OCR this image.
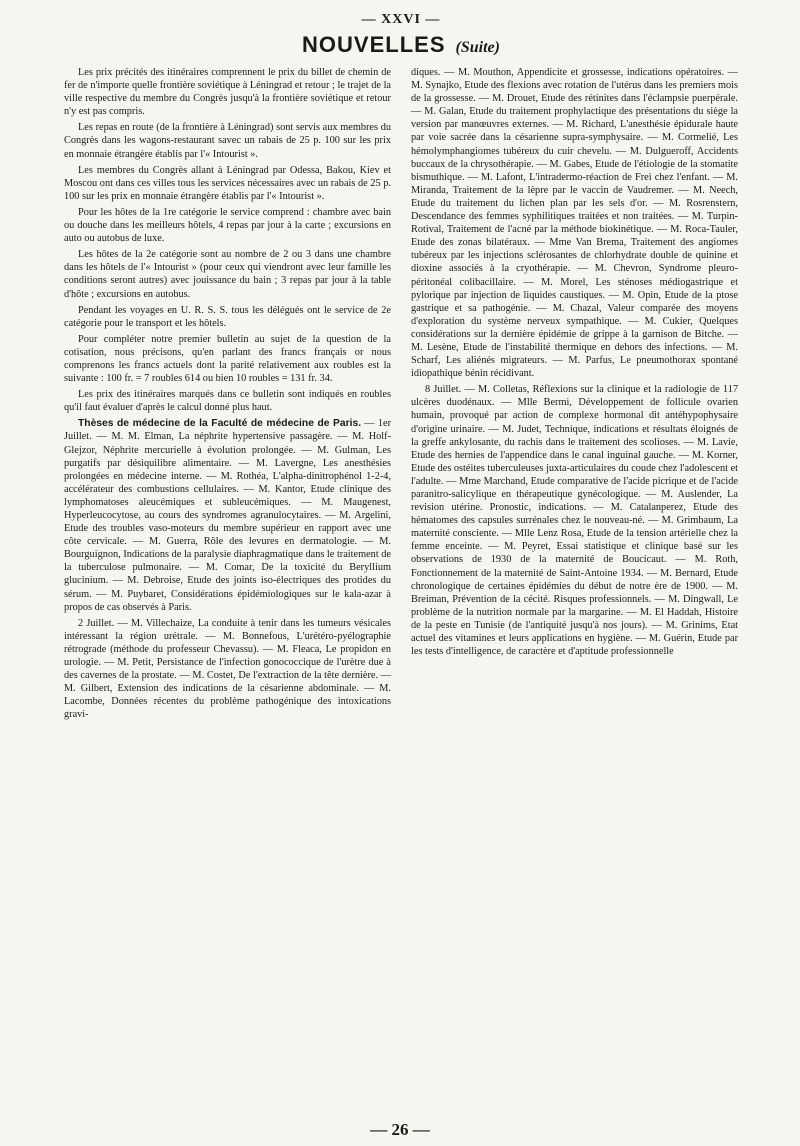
— XXVI —
NOUVELLES (Suite)

Les prix précités des itinéraires comprennent le prix du billet de chemin de fer de n'importe quelle frontière soviétique à Léningrad et retour ; le trajet de la ville respective du membre du Congrès jusqu'à la frontière soviétique et retour n'y est pas compris.

Les repas en route (de la frontière à Léningrad) sont servis aux membres du Congrès dans les wagons-restaurant savec un rabais de 25 p. 100 sur les prix en monnaie étrangère établis par l'« Intourist ».

Les membres du Congrès allant à Léningrad par Odessa, Bakou, Kiev et Moscou ont dans ces villes tous les services nécessaires avec un rabais de 25 p. 100 sur les prix en monnaie étrangère établis par l'« Intourist ».

Pour les hôtes de la 1re catégorie le service comprend : chambre avec bain ou douche dans les meilleurs hôtels, 4 repas par jour à la carte ; excursions en auto ou autobus de luxe.

Les hôtes de la 2e catégorie sont au nombre de 2 ou 3 dans une chambre dans les hôtels de l'« Intourist » (pour ceux qui viendront avec leur famille les conditions seront autres) avec jouissance du bain ; 3 repas par jour à la table d'hôte ; excursions en autobus.

Pendant les voyages en U. R. S. S. tous les délégués ont le service de 2e catégorie pour le transport et les hôtels.

Pour compléter notre premier bulletin au sujet de la question de la cotisation, nous précisons, qu'en parlant des francs français or nous comprenons les francs actuels dont la parité relativement aux roubles est la suivante : 100 fr. = 7 roubles 614 ou bien 10 roubles = 131 fr. 34.

Les prix des itinéraires marqués dans ce bulletin sont indiqués en roubles qu'il faut évaluer d'après le calcul donné plus haut.

Thèses de médecine de la Faculté de médecine de Paris. — 1er Juillet. — M. M. Elman, La néphrite hypertensive passagère. — M. Holf-Glejzor, Néphrite mercurielle à évolution prolongée. — M. Gulman, Les purgatifs par désiquilibre alimentaire. — M. Lavergne, Les anesthésies prolongées en médecine interne. — M. Rothéa, L'alpha-dinitrophénol 1-2-4, accélérateur des combustions cellulaires. — M. Kantor, Etude clinique des lymphomatoses aleucémiques et subleucémiques. — M. Maugenest, Hyperleucocytose, au cours des syndromes agranulocytaires. — M. Argelini, Etude des troubles vaso-moteurs du membre supérieur en rapport avec une côte cervicale. — M. Guerra, Rôle des levures en dermatologie. — M. Bourguignon, Indications de la paralysie diaphragmatique dans le traitement de la tuberculose pulmonaire. — M. Comar, De la toxicité du Beryllium glucinium. — M. Debroise, Etude des joints iso-électriques des protides du sérum. — M. Puybaret, Considérations épidémiologiques sur le kala-azar à propos de cas observés à Paris.

2 Juillet. — M. Villechaize, La conduite à tenir dans les tumeurs vésicales intéressant la région urétrale. — M. Bonnefous, L'urétéro-pyélographie rétrograde (méthode du professeur Chevassu). — M. Fleaca, Le propidon en urologie. — M. Petit, Persistance de l'infection gonococcique de l'urètre due à des cavernes de la prostate. — M. Costet, De l'extraction de la tête dernière. — M. Gilbert, Extension des indications de la césarienne abdominale. — M. Lacombe, Données récentes du problème pathogénique des intoxications gravi-

diques. — M. Mouthon, Appendicite et grossesse, indications opératoires. — M. Synajko, Etude des flexions avec rotation de l'utérus dans les premiers mois de la grossesse. — M. Drouet, Etude des rétinites dans l'éclampsie puerpérale. — M. Galan, Etude du traitement prophylactique des présentations du siège la version par manœuvres externes. — M. Richard, L'anesthésie épidurale haute par voie sacrée dans la césarienne supra-symphysaire. — M. Cormelié, Les hémolymphangiomes tubéreux du cuir chevelu. — M. Dulgueroff, Accidents buccaux de la chrysothérapie. — M. Gabes, Etude de l'étiologie de la stomatite bismuthique. — M. Lafont, L'intradermo-réaction de Frei chez l'enfant. — M. Miranda, Traitement de la lèpre par le vaccin de Vaudremer. — M. Neech, Etude du traitement du lichen plan par les sels d'or. — M. Rosrenstern, Descendance des femmes syphilitiques traitées et non traitées. — M. Turpin-Rotival, Traitement de l'acné par la méthode biokinétique. — M. Roca-Tauler, Etude des zonas bilatéraux. — Mme Van Brema, Traitement des angiomes tubéreux par les injections sclérosantes de chlorhydrate double de quinine et dioxine associés à la cryothérapie. — M. Chevron, Syndrome pleuro-péritonéal colibacillaire. — M. Morel, Les sténoses médiogastrique et pylorique par injection de liquides caustiques. — M. Opin, Etude de la ptose gastrique et sa pathogénie. — M. Chazal, Valeur comparée des moyens d'exploration du système nerveux sympathique. — M. Cukier, Quelques considérations sur la dernière épidémie de grippe à la garnison de Bitche. — M. Lesène, Etude de l'instabilité thermique en dehors des infections. — M. Scharf, Les aliénés migrateurs. — M. Parfus, Le pneumothorax spontané idiopathique bénin récidivant.

8 Juillet. — M. Colletas, Réflexions sur la clinique et la radiologie de 117 ulcères duodénaux. — Mlle Bermi, Développement de follicule ovarien humain, provoqué par action de complexe hormonal dit antéhypophysaire d'origine urinaire. — M. Judet, Technique, indications et résultats éloignés de la greffe ankylosante, du rachis dans le traitement des scolioses. — M. Lavie, Etude des hernies de l'appendice dans le canal inguinal gauche. — M. Korner, Etude des ostéites tuberculeuses juxta-articulaires du coude chez l'adolescent et l'adulte. — Mme Marchand, Etude comparative de l'acide picrique et de l'acide paranitro-salicylique en thérapeutique gynécologique. — M. Auslender, La revision utérine. Pronostic, indications. — M. Catalanperez, Etude des hématomes des capsules surrénales chez le nouveau-né. — M. Grimbaum, La maternité consciente. — Mlle Lenz Rosa, Etude de la tension artérielle chez la femme enceinte. — M. Peyret, Essai statistique et clinique basé sur les observations de 1930 de la maternité de Boucicaut. — M. Roth, Fonctionnement de la maternité de Saint-Antoine 1934. — M. Bernard, Etude chronologique de certaines épidémies du début de notre ère de 1900. — M. Breiman, Prévention de la cécité. Risques professionnels. — M. Dingwall, Le problème de la nutrition normale par la margarine. — M. El Haddah, Histoire de la peste en Tunisie (de l'antiquité jusqu'à nos jours). — M. Grinims, Etat actuel des vitamines et leurs applications en hygiène. — M. Guérin, Etude par les tests d'intelligence, de caractère et d'aptitude professionnelle

— 26 —
